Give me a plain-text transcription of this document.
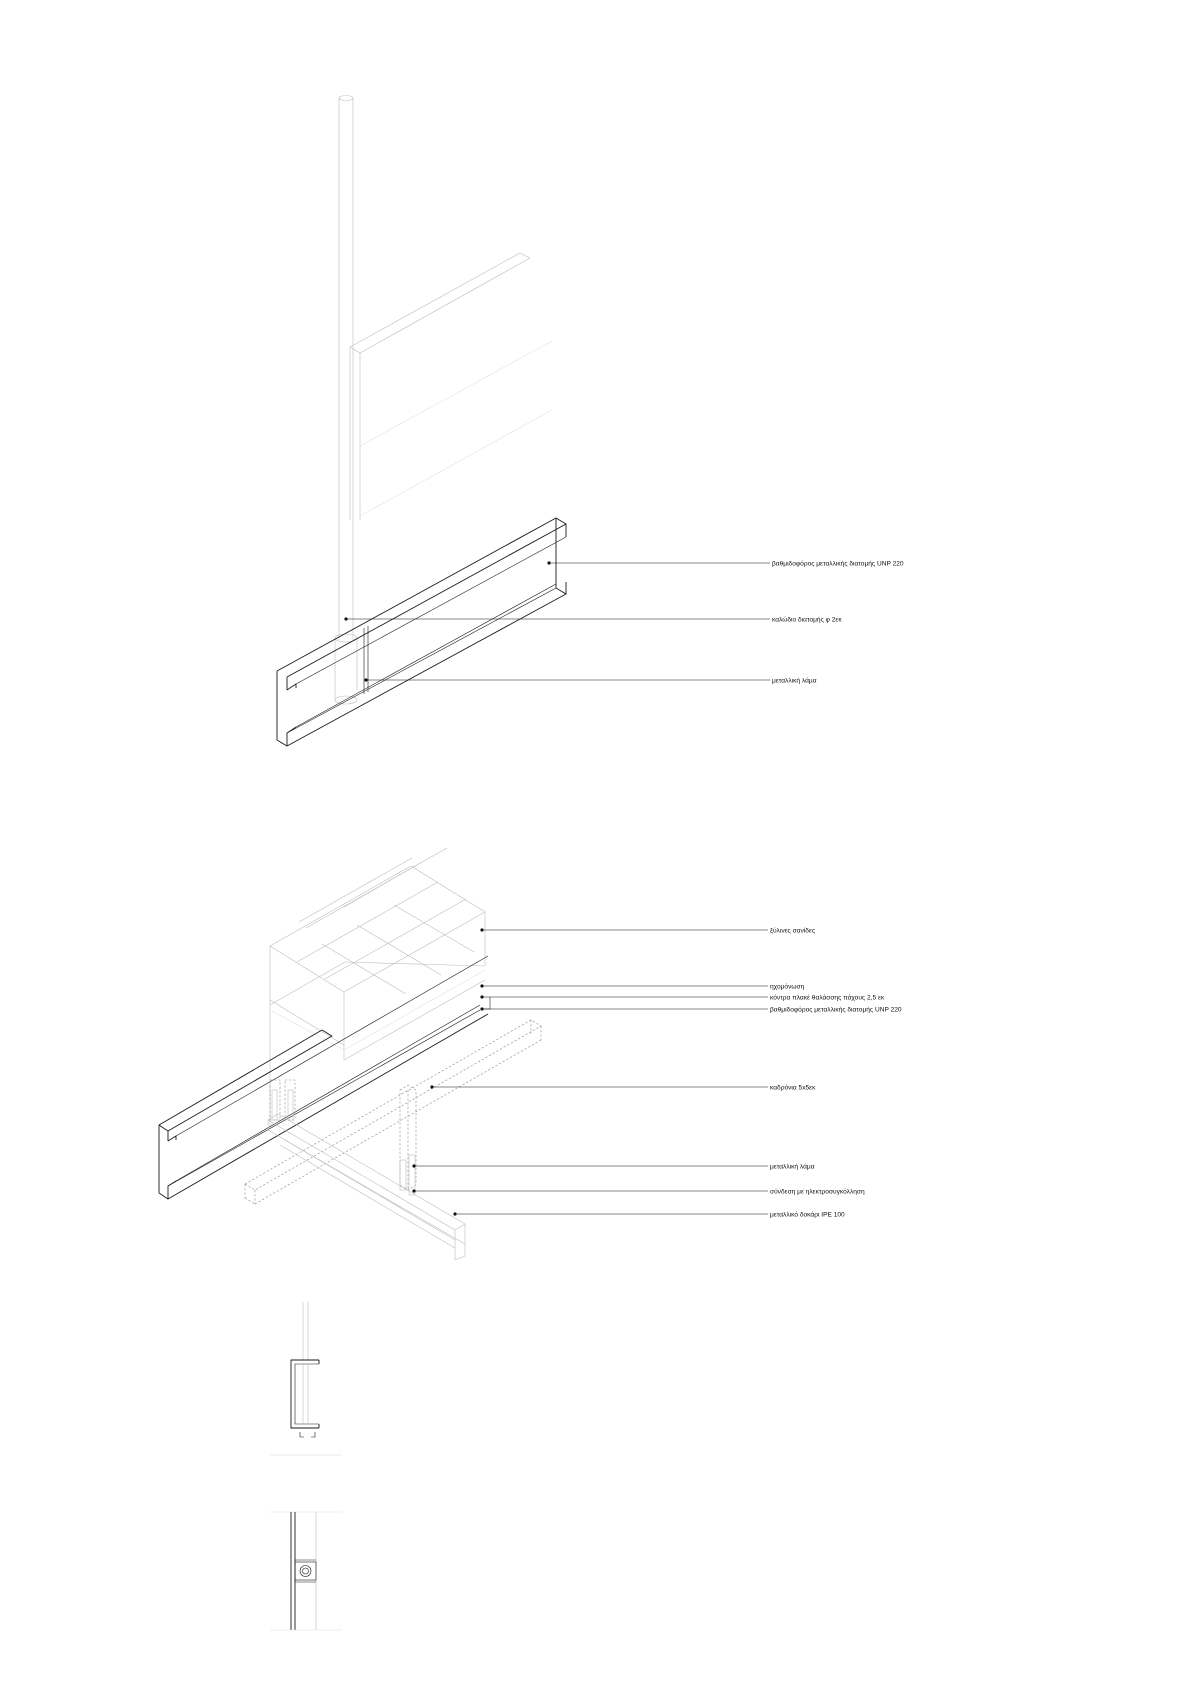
βαθμιδοφόρος μεταλλικής διατομής UNP 220
καλώδιο διατομής φ 2εκ
μεταλλική λάμα
ξύλινες σανίδες
ηχομόνωση
κόντρα πλακέ θαλάσσης πάχους 2,5 εκ
βαθμιδοφόρος μεταλλικής διατομής UNP 220
καδρόνια 5x5εκ
μεταλλική λάμα
σύνδεση με ηλεκτροσυγκόλληση
μεταλλικό δοκάρι IPE 100
